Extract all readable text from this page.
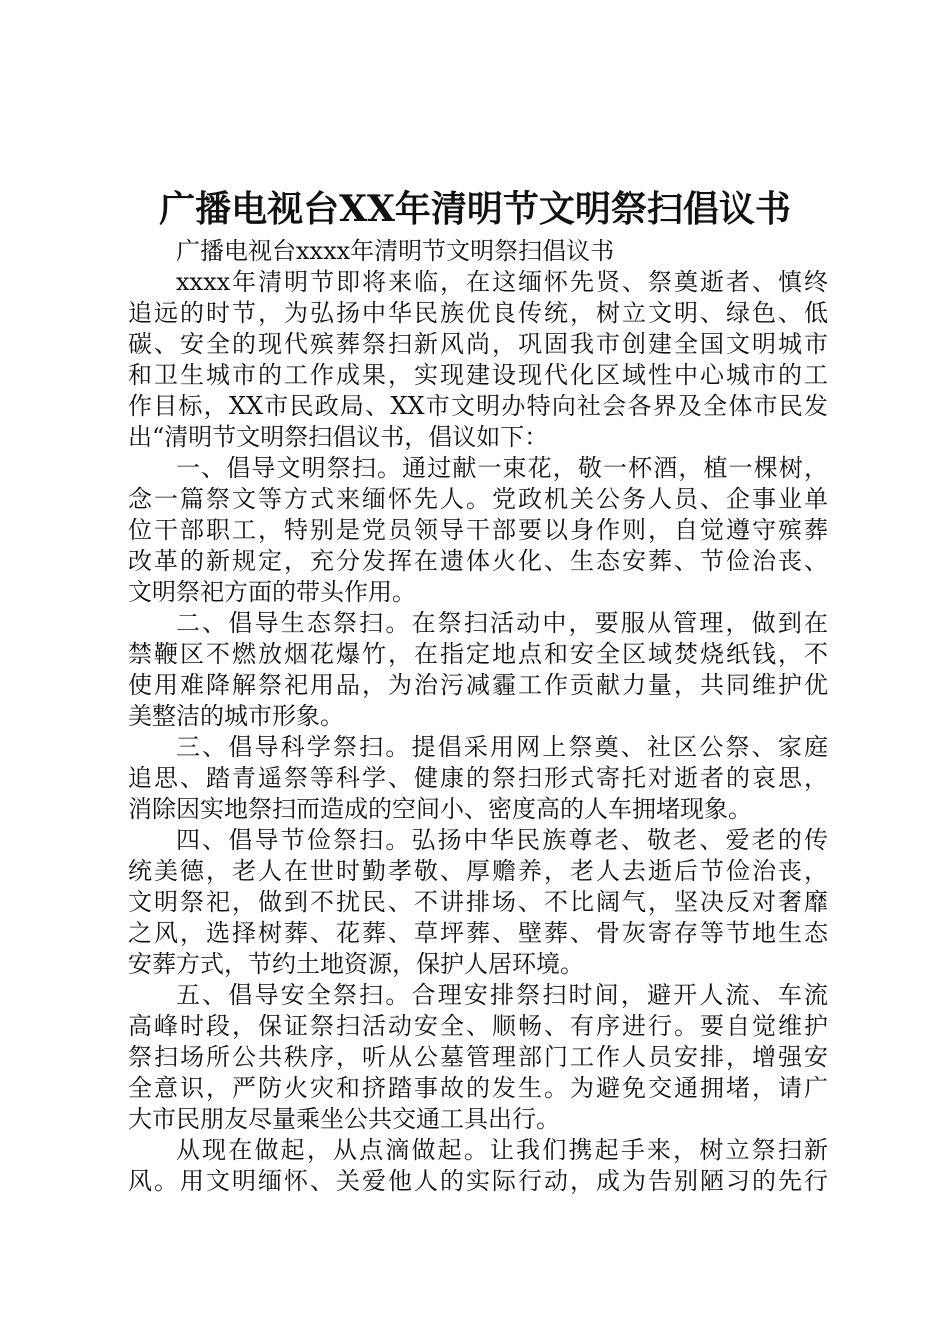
广播电视台XX年清明节文明祭扫倡议书
广播电视台xxxx年清明节文明祭扫倡议书
xxxx年清明节即将来临，在这缅怀先贤、祭奠逝者、慎终
追远的时节，为弘扬中华民族优良传统，树立文明、绿色、低
碳、安全的现代殡葬祭扫新风尚，巩固我市创建全国文明城市
和卫生城市的工作成果，实现建设现代化区域性中心城市的工
作目标，XX市民政局、XX市文明办特向社会各界及全体市民发
出“清明节文明祭扫倡议书，倡议如下：
一、倡导文明祭扫。通过献一束花，敬一杯酒，植一棵树，
念一篇祭文等方式来缅怀先人。党政机关公务人员、企事业单
位干部职工，特别是党员领导干部要以身作则，自觉遵守殡葬
改革的新规定，充分发挥在遗体火化、生态安葬、节俭治丧、
文明祭祀方面的带头作用。
二、倡导生态祭扫。在祭扫活动中，要服从管理，做到在
禁鞭区不燃放烟花爆竹，在指定地点和安全区域焚烧纸钱，不
使用难降解祭祀用品，为治污减霾工作贡献力量，共同维护优
美整洁的城市形象。
三、倡导科学祭扫。提倡采用网上祭奠、社区公祭、家庭
追思、踏青遥祭等科学、健康的祭扫形式寄托对逝者的哀思，
消除因实地祭扫而造成的空间小、密度高的人车拥堵现象。
四、倡导节俭祭扫。弘扬中华民族尊老、敬老、爱老的传
统美德，老人在世时勤孝敬、厚赡养，老人去逝后节俭治丧，
文明祭祀，做到不扰民、不讲排场、不比阔气，坚决反对奢靡
之风，选择树葬、花葬、草坪葬、壁葬、骨灰寄存等节地生态
安葬方式，节约土地资源，保护人居环境。
五、倡导安全祭扫。合理安排祭扫时间，避开人流、车流
高峰时段，保证祭扫活动安全、顺畅、有序进行。要自觉维护
祭扫场所公共秩序，听从公墓管理部门工作人员安排，增强安
全意识，严防火灾和挤踏事故的发生。为避免交通拥堵，请广
大市民朋友尽量乘坐公共交通工具出行。
从现在做起，从点滴做起。让我们携起手来，树立祭扫新
风。用文明缅怀、关爱他人的实际行动，成为告别陋习的先行
